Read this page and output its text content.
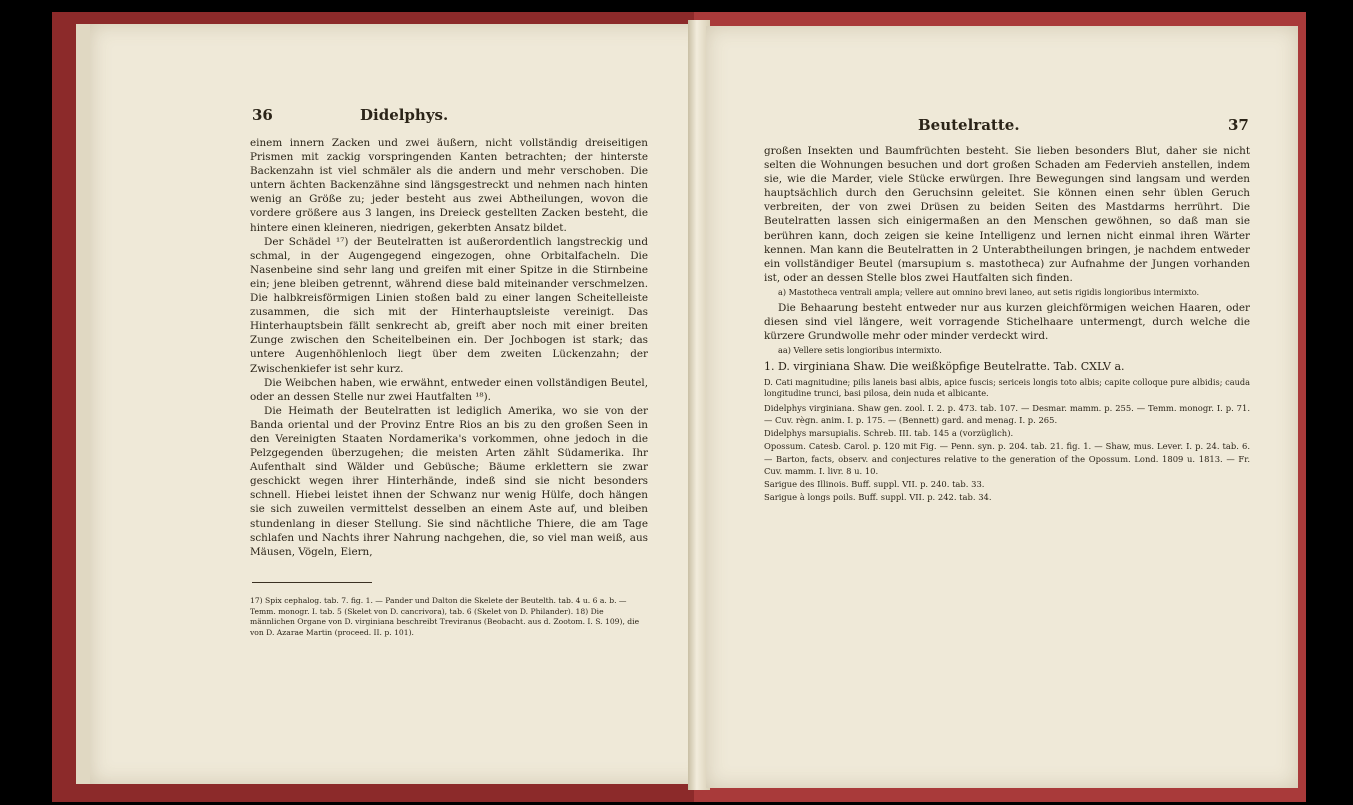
36	Didelphys.

einem innern Zacken und zwei äußern, nicht vollständig dreiseitigen Prismen mit zackig vorspringenden Kanten betrachten; der hinterste Backenzahn ist viel schmäler als die andern und mehr verschoben. Die untern ächten Backenzähne sind längsgestreckt und nehmen nach hinten wenig an Größe zu; jeder besteht aus zwei Abtheilungen, wovon die vordere größere aus 3 langen, ins Dreieck gestellten Zacken besteht, die hintere einen kleineren, niedrigen, gekerbten Ansatz bildet.

Der Schädel ¹⁷) der Beutelratten ist außerordentlich langstreckig und schmal, in der Augengegend eingezogen, ohne Orbitalfacheln. Die Nasenbeine sind sehr lang und greifen mit einer Spitze in die Stirnbeine ein; jene bleiben getrennt, während diese bald miteinander verschmelzen. Die halbkreisförmigen Linien stoßen bald zu einer langen Scheitelleiste zusammen, die sich mit der Hinterhauptsleiste vereinigt. Das Hinterhauptsbein fällt senkrecht ab, greift aber noch mit einer breiten Zunge zwischen den Scheitelbeinen ein. Der Jochbogen ist stark; das untere Augenhöhlenloch liegt über dem zweiten Lückenzahn; der Zwischenkiefer ist sehr kurz.

Die Weibchen haben, wie erwähnt, entweder einen vollständigen Beutel, oder an dessen Stelle nur zwei Hautfalten ¹⁸).

Die Heimath der Beutelratten ist lediglich Amerika, wo sie von der Banda oriental und der Provinz Entre Rios an bis zu den großen Seen in den Vereinigten Staaten Nordamerika's vorkommen, ohne jedoch in die Pelzgegenden überzugehen; die meisten Arten zählt Südamerika. Ihr Aufenthalt sind Wälder und Gebüsche; Bäume erklettern sie zwar geschickt wegen ihrer Hinterhände, indeß sind sie nicht besonders schnell. Hiebei leistet ihnen der Schwanz nur wenig Hülfe, doch hängen sie sich zuweilen vermittelst desselben an einem Aste auf, und bleiben stundenlang in dieser Stellung. Sie sind nächtliche Thiere, die am Tage schlafen und Nachts ihrer Nahrung nachgehen, die, so viel man weiß, aus Mäusen, Vögeln, Eiern,

17) Spix cephalog. tab. 7. fig. 1. — Pander und Dalton die Skelete der Beutelth. tab. 4 u. 6 a. b. — Temm. monogr. I. tab. 5 (Skelet von D. cancrivora), tab. 6 (Skelet von D. Philander). 18) Die männlichen Organe von D. virginiana beschreibt Treviranus (Beobacht. aus d. Zootom. I. S. 109), die von D. Azarae Martin (proceed. II. p. 101).
Beutelratte.	37

großen Insekten und Baumfrüchten besteht. Sie lieben besonders Blut, daher sie nicht selten die Wohnungen besuchen und dort großen Schaden am Federvieh anstellen, indem sie, wie die Marder, viele Stücke erwürgen. Ihre Bewegungen sind langsam und werden hauptsächlich durch den Geruchsinn geleitet. Sie können einen sehr üblen Geruch verbreiten, der von zwei Drüsen zu beiden Seiten des Mastdarms herrührt. Die Beutelratten lassen sich einigermaßen an den Menschen gewöhnen, so daß man sie berühren kann, doch zeigen sie keine Intelligenz und lernen nicht einmal ihren Wärter kennen. Man kann die Beutelratten in 2 Unterabtheilungen bringen, je nachdem entweder ein vollständiger Beutel (marsupium s. mastotheca) zur Aufnahme der Jungen vorhanden ist, oder an dessen Stelle blos zwei Hautfalten sich finden.

a) Mastotheca ventrali ampla; vellere aut omnino brevi laneo, aut setis rigidis longioribus intermixto.

Die Behaarung besteht entweder nur aus kurzen gleichförmigen weichen Haaren, oder diesen sind viel längere, weit vorragende Stichelhaare untermengt, durch welche die kürzere Grundwolle mehr oder minder verdeckt wird.

aa) Vellere setis longioribus intermixto.

1. D. virginiana Shaw. Die weißköpfige Beutelratte. Tab. CXLV a.

D. Cati magnitudine; pilis laneis basi albis, apice fuscis; sericeis longis toto albis; capite colloque pure albidis; cauda longitudine trunci, basi pilosa, dein nuda et albicante.

Didelphys virginiana. Shaw gen. zool. I. 2. p. 473. tab. 107. — Desmar. mamm. p. 255. — Temm. monogr. I. p. 71. — Cuv. règn. anim. I. p. 175. — (Bennett) gard. and menag. I. p. 265.

Didelphys marsupialis. Schreb. III. tab. 145 a (vorzüglich).

Opossum. Catesb. Carol. p. 120 mit Fig. — Penn. syn. p. 204. tab. 21. fig. 1. — Shaw, mus. Lever. I. p. 24. tab. 6. — Barton, facts, observ. and conjectures relative to the generation of the Opossum. Lond. 1809 u. 1813. — Fr. Cuv. mamm. I. livr. 8 u. 10.

Sarigue des Illinois. Buff. suppl. VII. p. 240. tab. 33.

Sarigue à longs poils. Buff. suppl. VII. p. 242. tab. 34.
